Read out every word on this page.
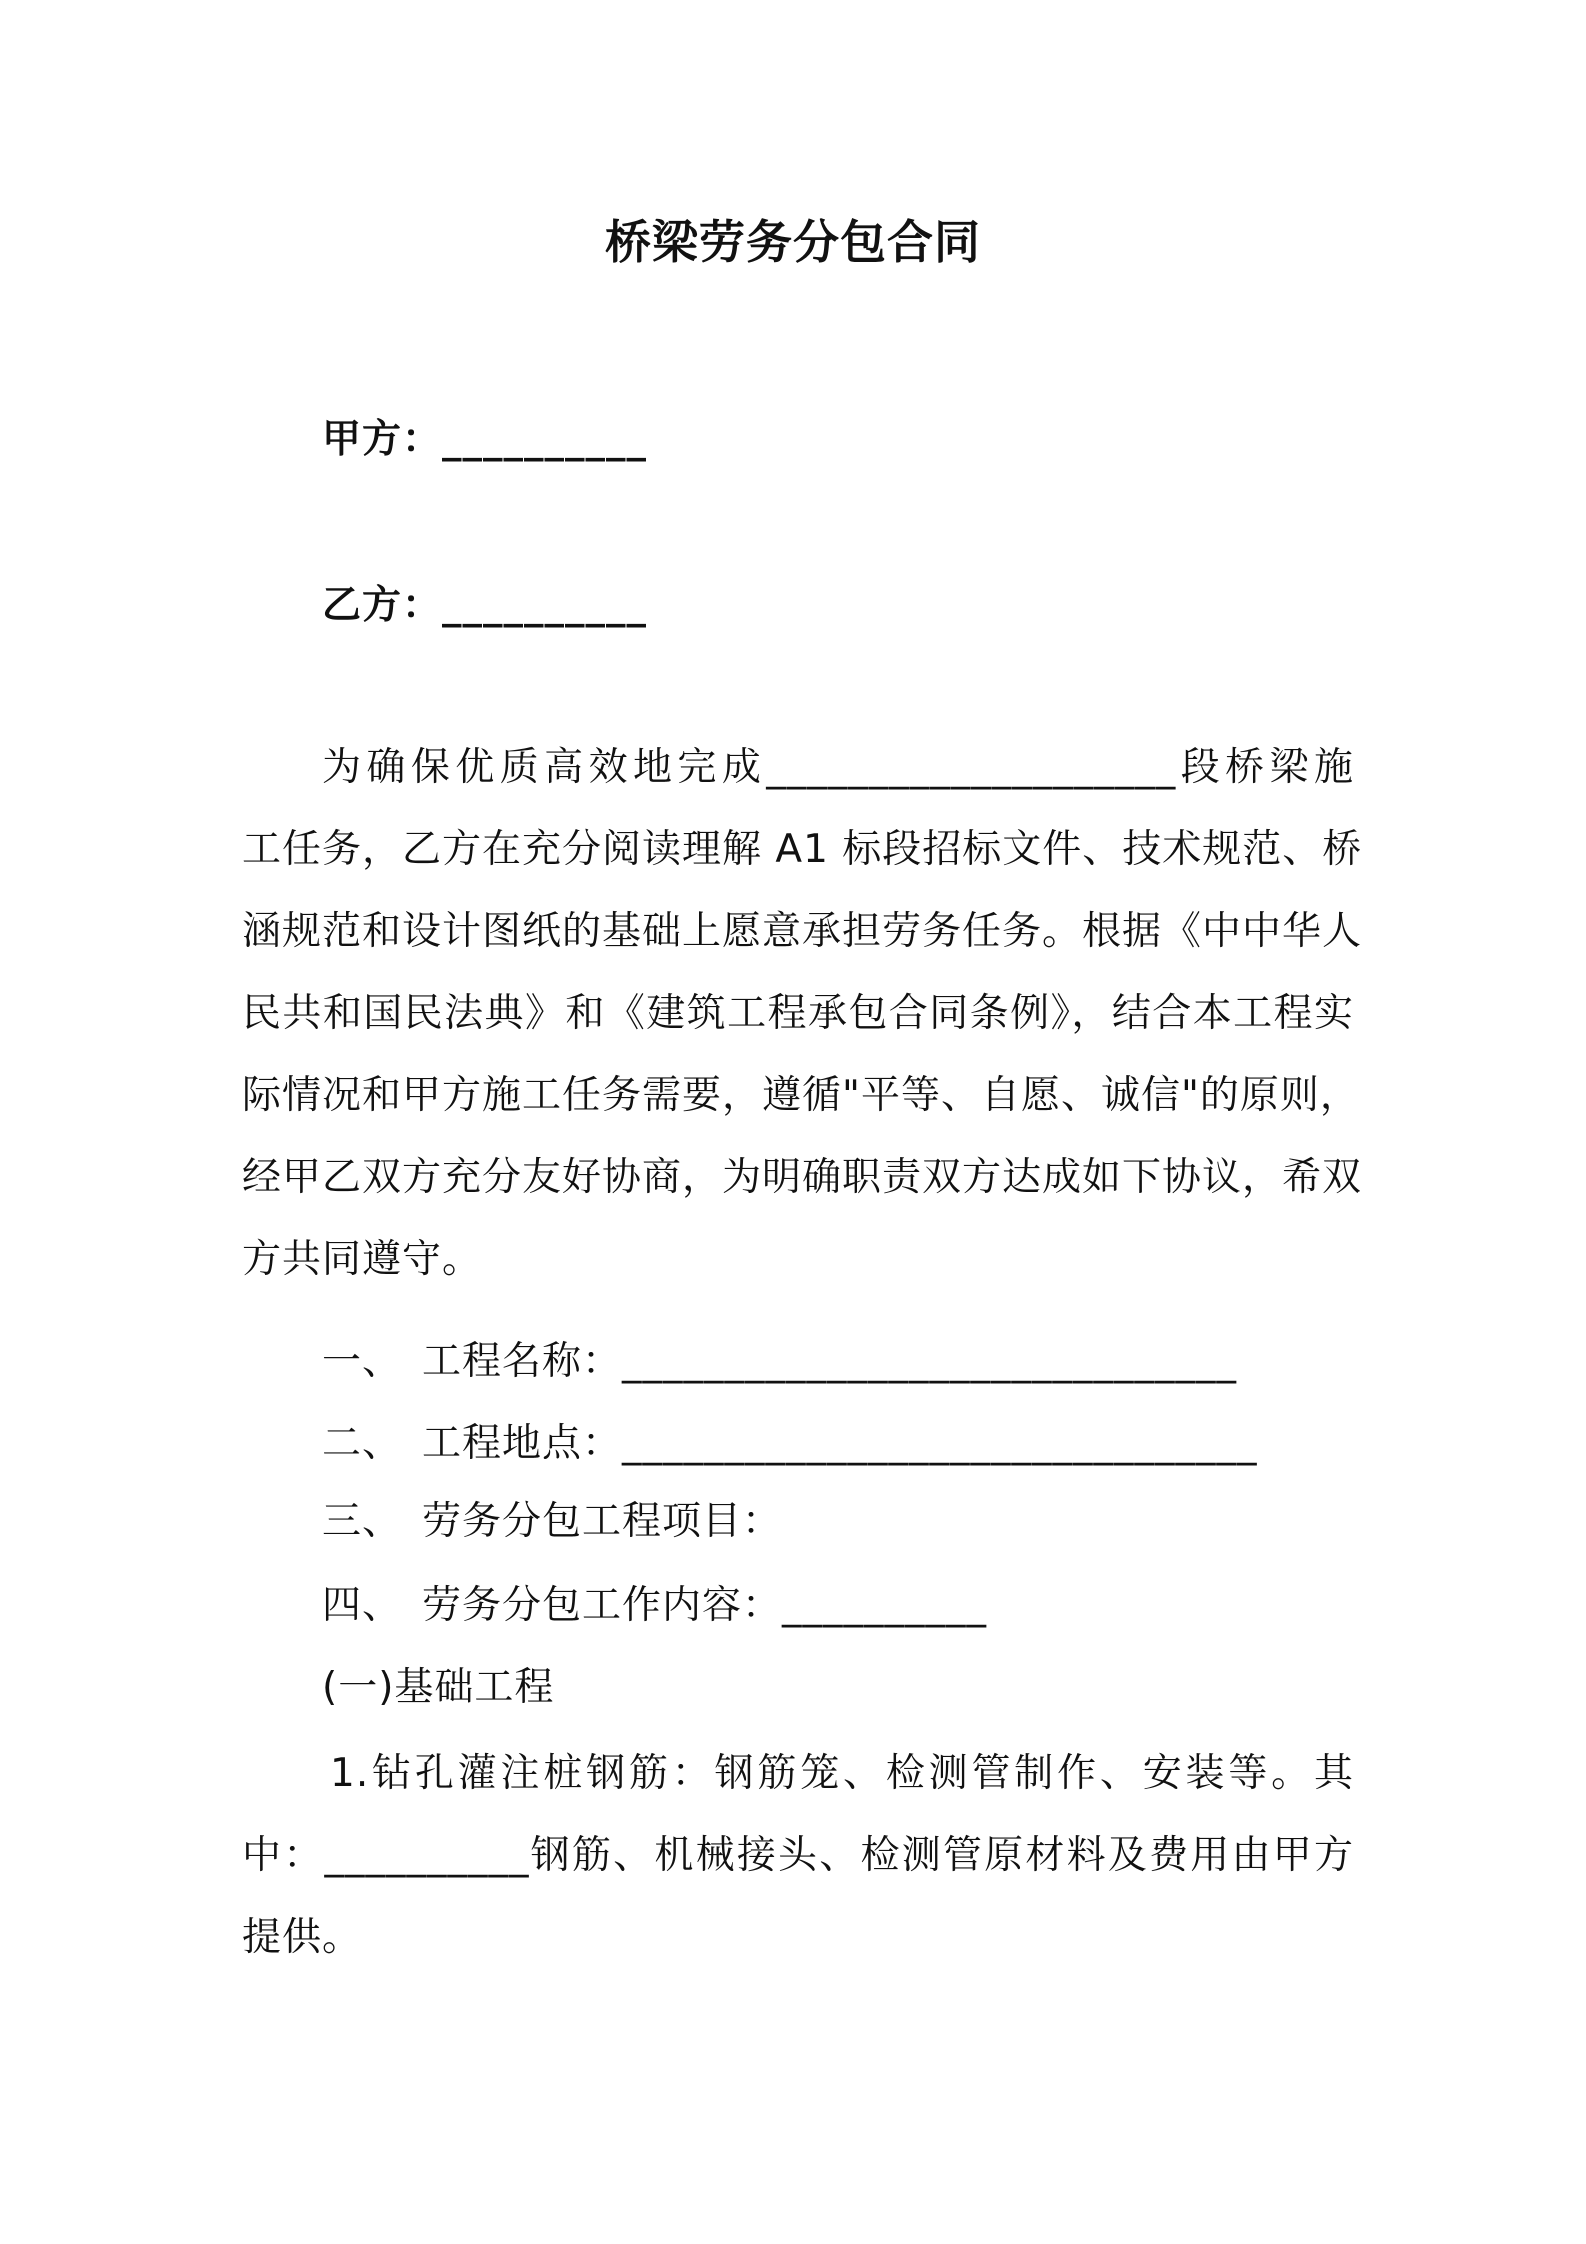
桥梁劳务分包合同
甲方：__________
乙方：__________
为确保优质高效地完成____________________段桥梁施
工任务，乙方在充分阅读理解 A1 标段招标文件、技术规范、桥
涵规范和设计图纸的基础上愿意承担劳务任务。根据《中中华人
民共和国民法典》和《建筑工程承包合同条例》，结合本工程实
际情况和甲方施工任务需要，遵循"平等、自愿、诚信"的原则，
经甲乙双方充分友好协商，为明确职责双方达成如下协议，希双
方共同遵守。
一、 工程名称：______________________________
二、 工程地点：_______________________________
三、 劳务分包工程项目：
四、 劳务分包工作内容：__________
(一)基础工程
1.钻孔灌注桩钢筋：钢筋笼、检测管制作、安装等。其
中：__________钢筋、机械接头、检测管原材料及费用由甲方
提供。
